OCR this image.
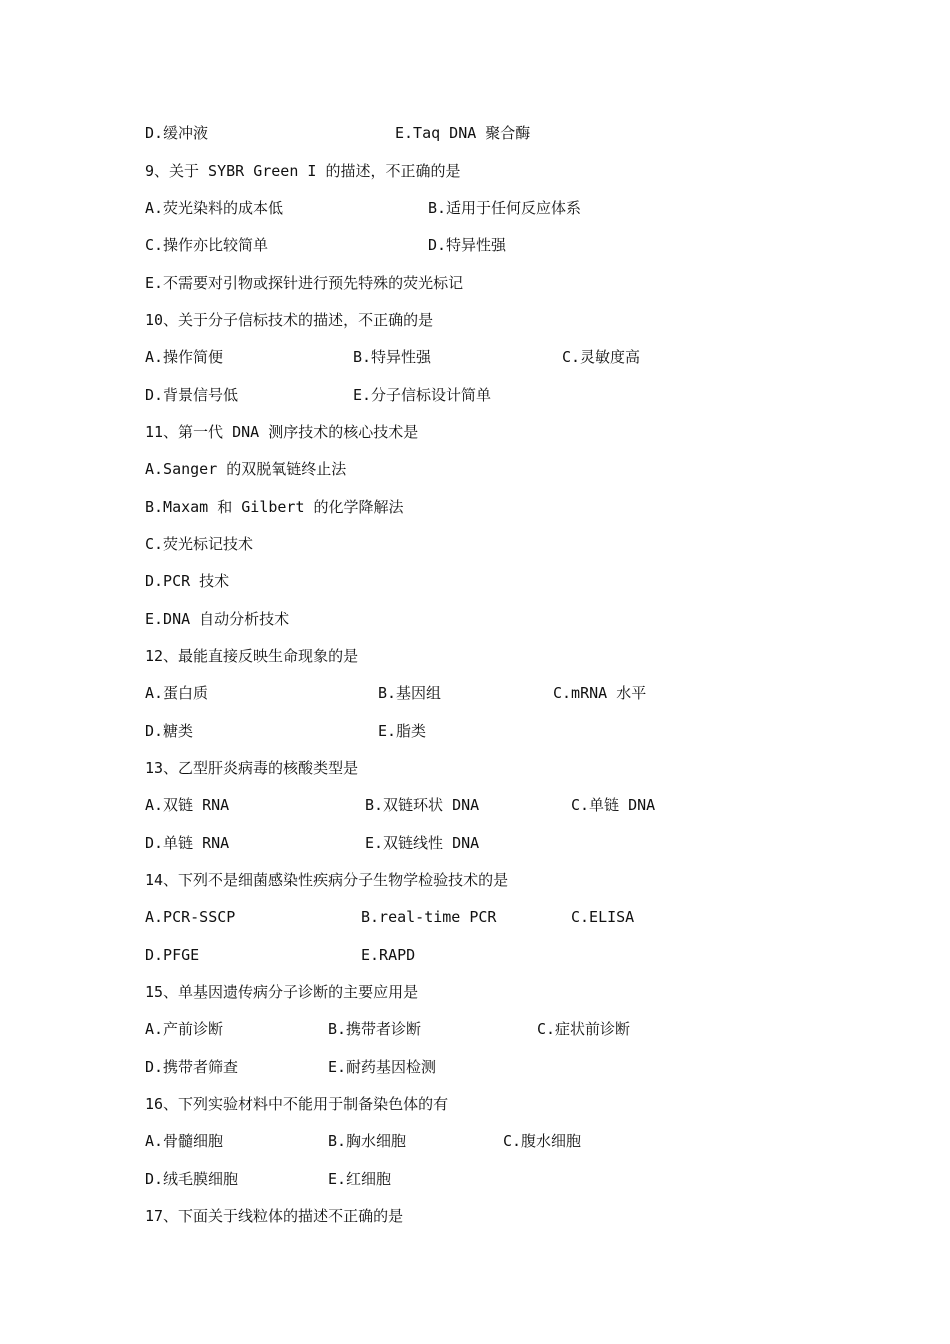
D.缓冲液	E.Taq DNA 聚合酶
9、关于 SYBR Green I 的描述，不正确的是
A.荧光染料的成本低	B.适用于任何反应体系
C.操作亦比较简单	D.特异性强
E.不需要对引物或探针进行预先特殊的荧光标记
10、关于分子信标技术的描述，不正确的是
A.操作简便	B.特异性强	C.灵敏度高
D.背景信号低	E.分子信标设计简单
11、第一代 DNA 测序技术的核心技术是
A.Sanger 的双脱氧链终止法
B.Maxam 和 Gilbert 的化学降解法
C.荧光标记技术
D.PCR 技术
E.DNA 自动分析技术
12、最能直接反映生命现象的是
A.蛋白质	B.基因组	C.mRNA 水平
D.糖类	E.脂类
13、乙型肝炎病毒的核酸类型是
A.双链 RNA	B.双链环状 DNA	C.单链 DNA
D.单链 RNA	E.双链线性 DNA
14、下列不是细菌感染性疾病分子生物学检验技术的是
A.PCR-SSCP	B.real-time PCR	C.ELISA
D.PFGE	E.RAPD
15、单基因遗传病分子诊断的主要应用是
A.产前诊断	B.携带者诊断	C.症状前诊断
D.携带者筛查	E.耐药基因检测
16、下列实验材料中不能用于制备染色体的有
A.骨髓细胞	B.胸水细胞	C.腹水细胞
D.绒毛膜细胞	E.红细胞
17、下面关于线粒体的描述不正确的是
